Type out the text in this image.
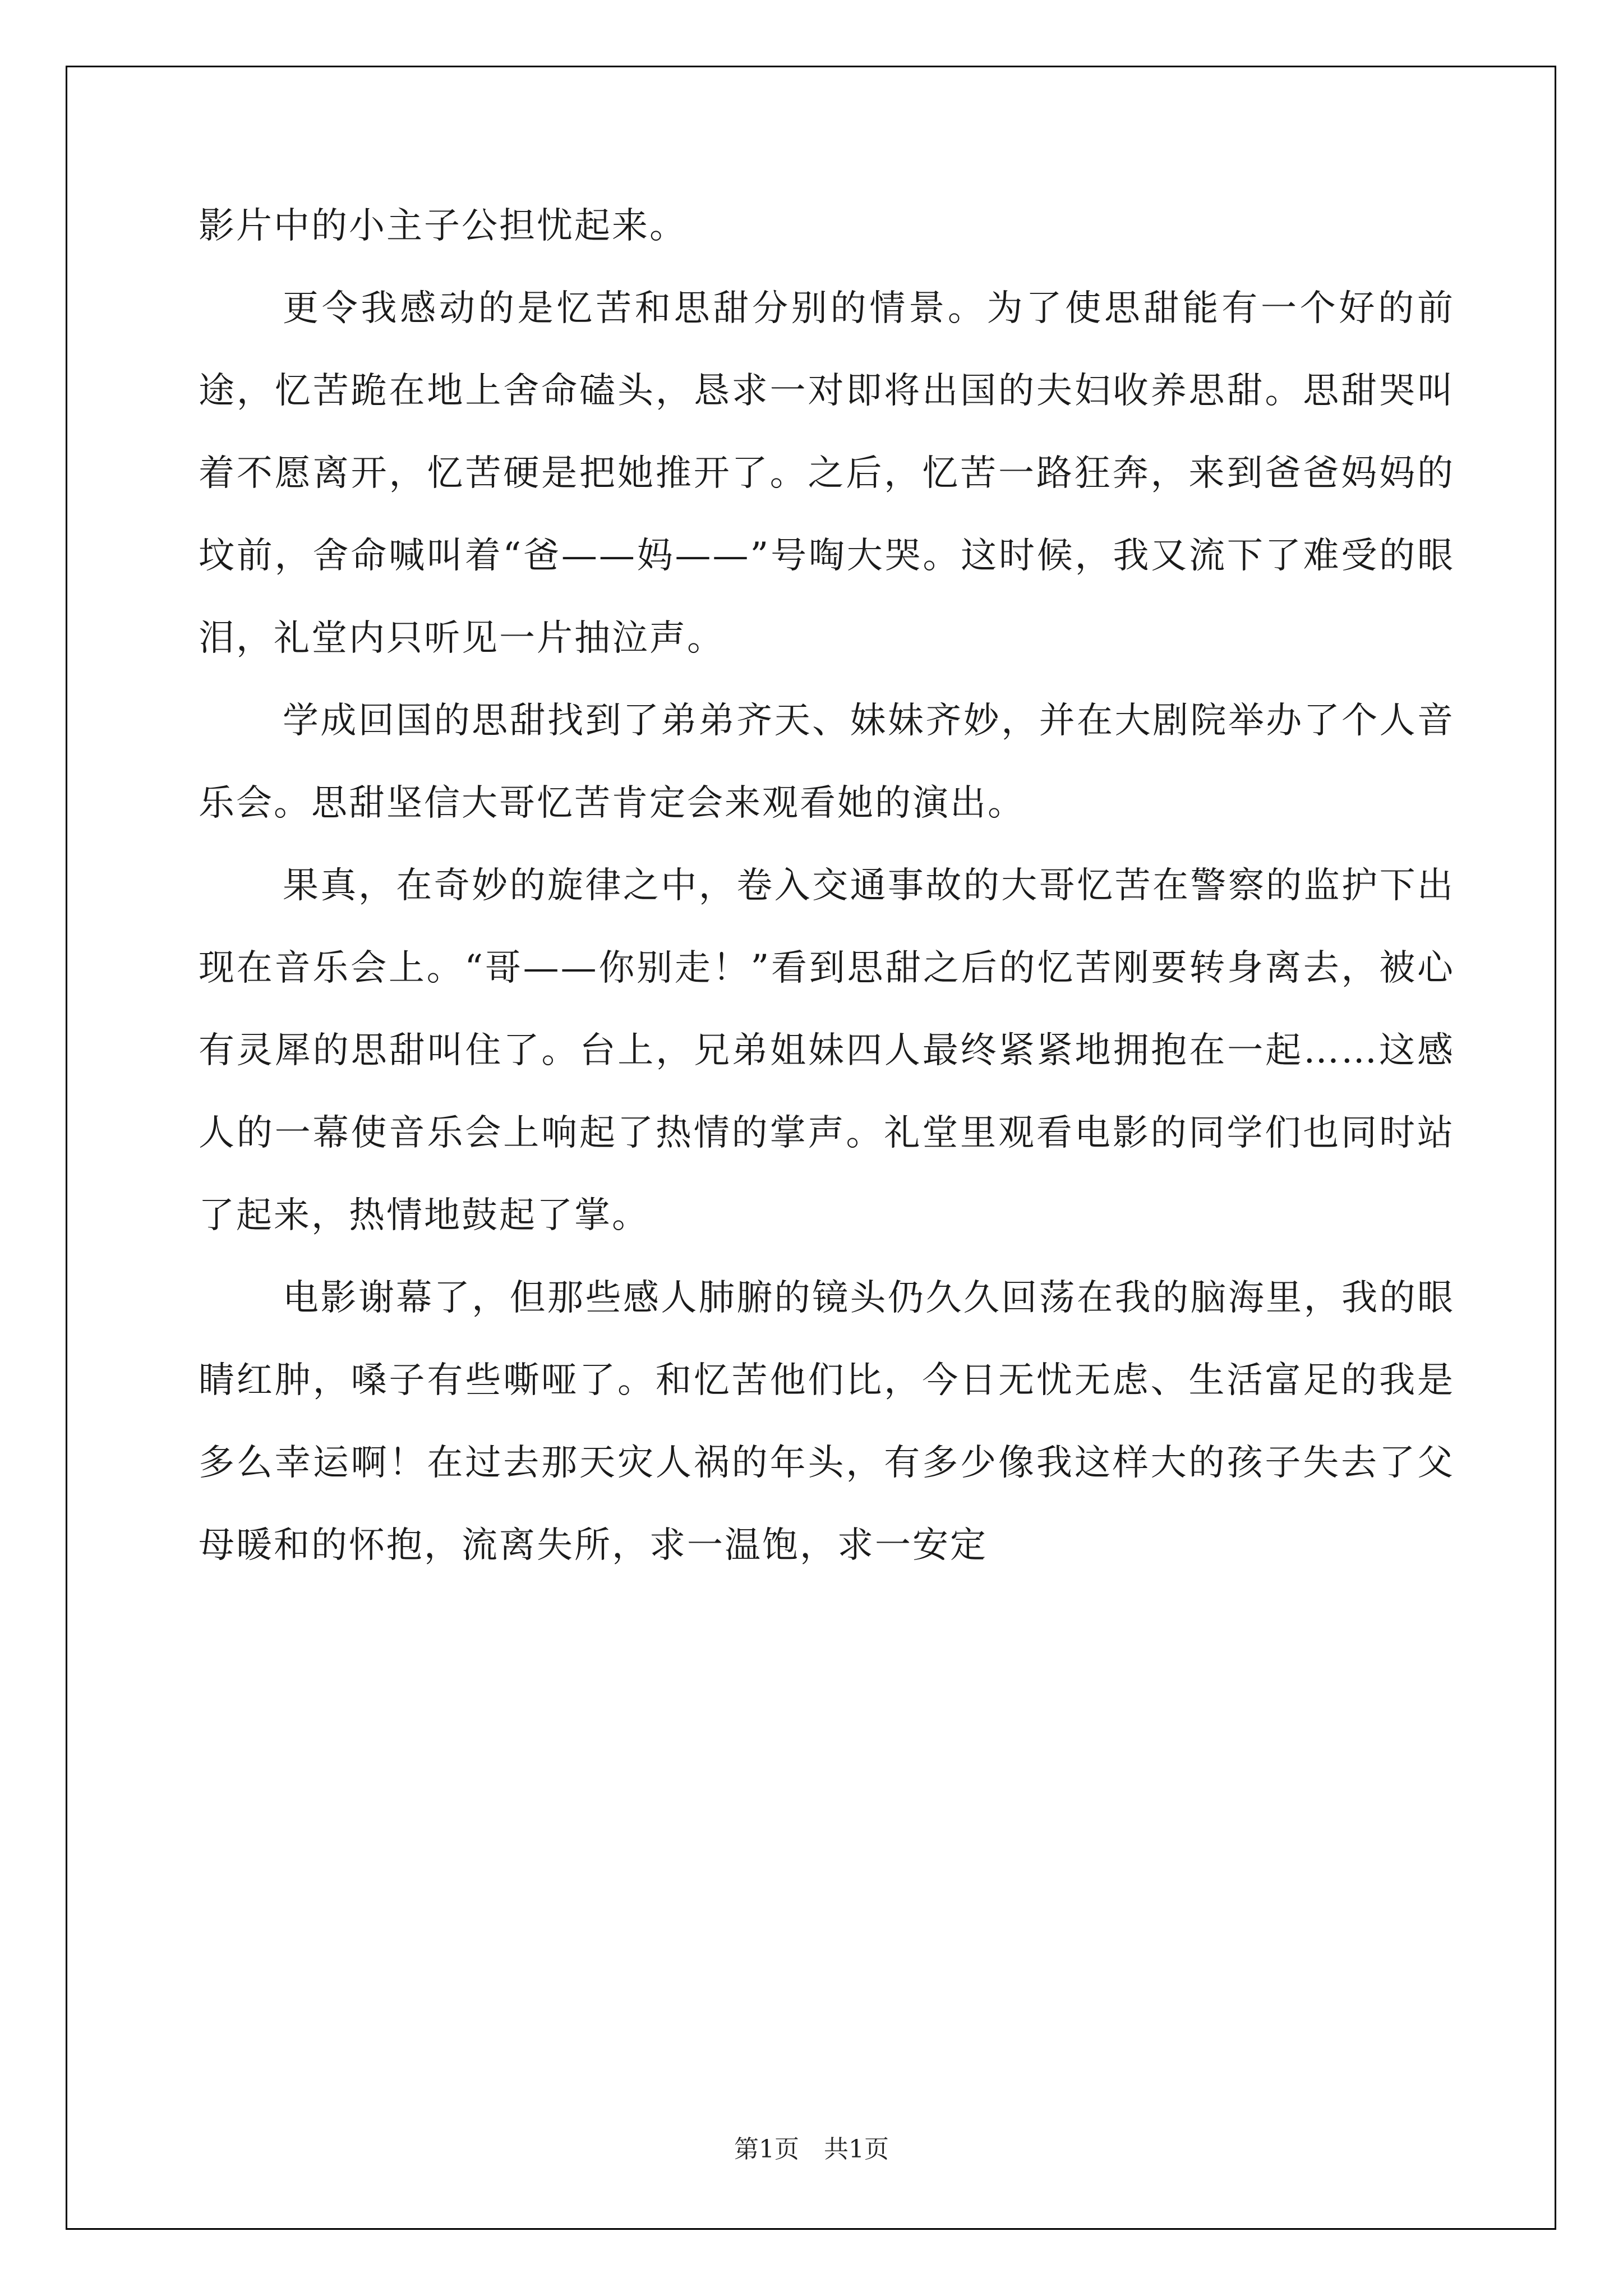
影片中的小主子公担忧起来。

更令我感动的是忆苦和思甜分别的情景。为了使思甜能有一个好的前途，忆苦跪在地上舍命磕头，恳求一对即将出国的夫妇收养思甜。思甜哭叫着不愿离开，忆苦硬是把她推开了。之后，忆苦一路狂奔，来到爸爸妈妈的坟前，舍命喊叫着“爸——妈——”号啕大哭。这时候，我又流下了难受的眼泪，礼堂内只听见一片抽泣声。

学成回国的思甜找到了弟弟齐天、妹妹齐妙，并在大剧院举办了个人音乐会。思甜坚信大哥忆苦肯定会来观看她的演出。

果真，在奇妙的旋律之中，卷入交通事故的大哥忆苦在警察的监护下出现在音乐会上。“哥——你别走！”看到思甜之后的忆苦刚要转身离去，被心有灵犀的思甜叫住了。台上，兄弟姐妹四人最终紧紧地拥抱在一起……这感人的一幕使音乐会上响起了热情的掌声。礼堂里观看电影的同学们也同时站了起来，热情地鼓起了掌。

电影谢幕了，但那些感人肺腑的镜头仍久久回荡在我的脑海里，我的眼睛红肿，嗓子有些嘶哑了。和忆苦他们比，今日无忧无虑、生活富足的我是多么幸运啊！在过去那天灾人祸的年头，有多少像我这样大的孩子失去了父母暖和的怀抱，流离失所，求一温饱，求一安定

第1页　共1页
